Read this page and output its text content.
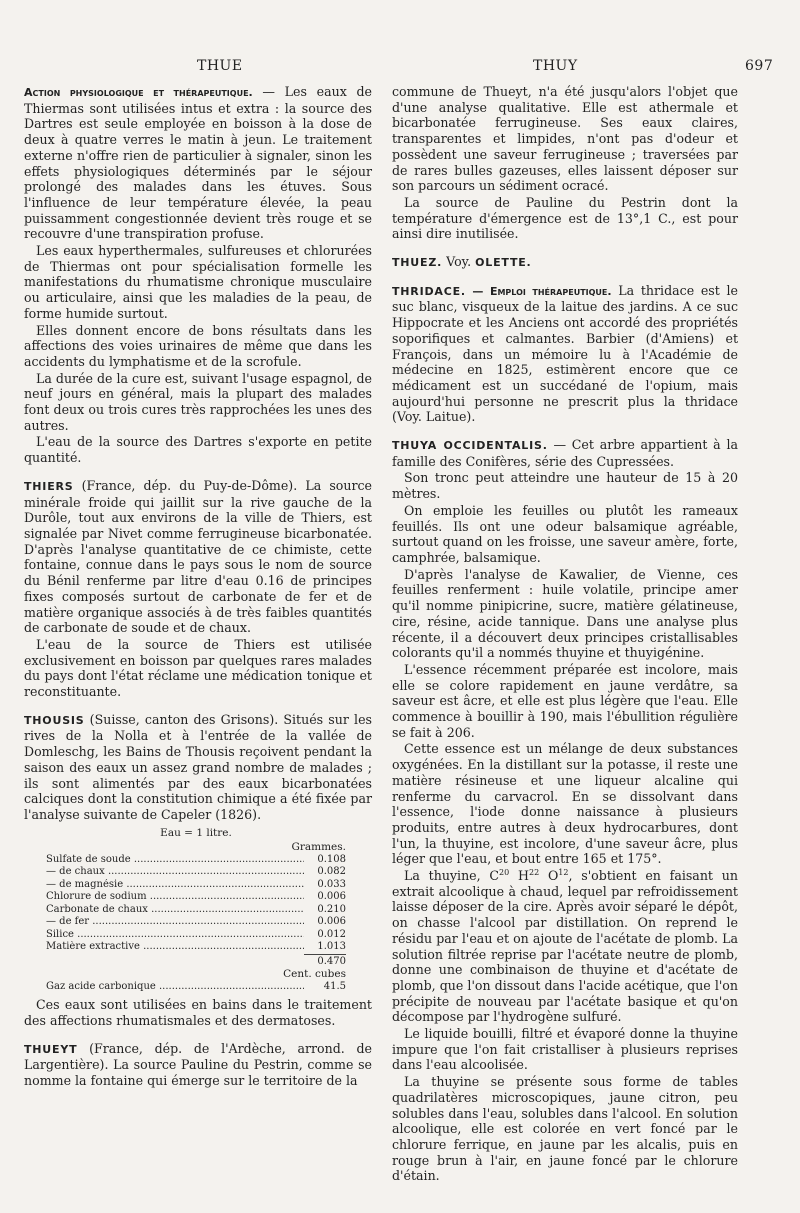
THUE	THUY	697

Action physiologique et thérapeutique. — Les eaux de Thiermas sont utilisées intus et extra : la source des Dartres est seule employée en boisson à la dose de deux à quatre verres le matin à jeun. Le traitement externe n'offre rien de particulier à signaler, sinon les effets physiologiques déterminés par le séjour prolongé des malades dans les étuves. Sous l'influence de leur température élevée, la peau puissamment congestionnée devient très rouge et se recouvre d'une transpiration profuse.

Les eaux hyperthermales, sulfureuses et chlorurées de Thiermas ont pour spécialisation formelle les manifestations du rhumatisme chronique musculaire ou articulaire, ainsi que les maladies de la peau, de forme humide surtout.

Elles donnent encore de bons résultats dans les affections des voies urinaires de même que dans les accidents du lymphatisme et de la scrofule.

La durée de la cure est, suivant l'usage espagnol, de neuf jours en général, mais la plupart des malades font deux ou trois cures très rapprochées les unes des autres.

L'eau de la source des Dartres s'exporte en petite quantité.

THIERS (France, dép. du Puy-de-Dôme). La source minérale froide qui jaillit sur la rive gauche de la Durôle, tout aux environs de la ville de Thiers, est signalée par Nivet comme ferrugineuse bicarbonatée. D'après l'analyse quantitative de ce chimiste, cette fontaine, connue dans le pays sous le nom de source du Bénil renferme par litre d'eau 0.16 de principes fixes composés surtout de carbonate de fer et de matière organique associés à de très faibles quantités de carbonate de soude et de chaux.

L'eau de la source de Thiers est utilisée exclusivement en boisson par quelques rares malades du pays dont l'état réclame une médication tonique et reconstituante.

THOUSIS (Suisse, canton des Grisons). Situés sur les rives de la Nolla et à l'entrée de la vallée de Domleschg, les Bains de Thousis reçoivent pendant la saison des eaux un assez grand nombre de malades ; ils sont alimentés par des eaux bicarbonatées calciques dont la constitution chimique a été fixée par l'analyse suivante de Capeler (1826).

Eau = 1 litre.
Grammes.
Sulfate de soude .....	0.108
— de chaux .....	0.082
— de magnésie .....	0.033
Chlorure de sodium .....	0.006
Carbonate de chaux .....	0.210
— de fer .....	0.006
Silice .....	0.012
Matière extractive .....	1.013
0.470
Cent. cubes
Gaz acide carbonique .....	41.5

Ces eaux sont utilisées en bains dans le traitement des affections rhumatismales et des dermatoses.

THUEYT (France, dép. de l'Ardèche, arrond. de Largentière). La source Pauline du Pestrin, comme se nomme la fontaine qui émerge sur le territoire de la

commune de Thueyt, n'a été jusqu'alors l'objet que d'une analyse qualitative. Elle est athermale et bicarbonatée ferrugineuse. Ses eaux claires, transparentes et limpides, n'ont pas d'odeur et possèdent une saveur ferrugineuse ; traversées par de rares bulles gazeuses, elles laissent déposer sur son parcours un sédiment ocracé.

La source de Pauline du Pestrin dont la température d'émergence est de 13°,1 C., est pour ainsi dire inutilisée.

THUEZ. Voy. OLETTE.

THRIDACE. — Emploi thérapeutique. La thridace est le suc blanc, visqueux de la laitue des jardins. A ce suc Hippocrate et les Anciens ont accordé des propriétés soporifiques et calmantes. Barbier (d'Amiens) et François, dans un mémoire lu à l'Académie de médecine en 1825, estimèrent encore que ce médicament est un succédané de l'opium, mais aujourd'hui personne ne prescrit plus la thridace (Voy. Laitue).

THUYA OCCIDENTALIS. — Cet arbre appartient à la famille des Conifères, série des Cupressées.

Son tronc peut atteindre une hauteur de 15 à 20 mètres.

On emploie les feuilles ou plutôt les rameaux feuillés. Ils ont une odeur balsamique agréable, surtout quand on les froisse, une saveur amère, forte, camphrée, balsamique.

D'après l'analyse de Kawalier, de Vienne, ces feuilles renferment : huile volatile, principe amer qu'il nomme pinipicrine, sucre, matière gélatineuse, cire, résine, acide tannique. Dans une analyse plus récente, il a découvert deux principes cristallisables colorants qu'il a nommés thuyine et thuyigénine.

L'essence récemment préparée est incolore, mais elle se colore rapidement en jaune verdâtre, sa saveur est âcre, et elle est plus légère que l'eau. Elle commence à bouillir à 190, mais l'ébullition régulière se fait à 206.

Cette essence est un mélange de deux substances oxygénées. En la distillant sur la potasse, il reste une matière résineuse et une liqueur alcaline qui renferme du carvacrol. En se dissolvant dans l'essence, l'iode donne naissance à plusieurs produits, entre autres à deux hydrocarbures, dont l'un, la thuyine, est incolore, d'une saveur âcre, plus léger que l'eau, et bout entre 165 et 175°.

La thuyine, $C^{20}$ $H^{22}$ $O^{12}$, s'obtient en faisant un extrait alcoolique à chaud, lequel par refroidissement laisse déposer de la cire. Après avoir séparé le dépôt, on chasse l'alcool par distillation. On reprend le résidu par l'eau et on ajoute de l'acétate de plomb. La solution filtrée reprise par l'acétate neutre de plomb, donne une combinaison de thuyine et d'acétate de plomb, que l'on dissout dans l'acide acétique, que l'on précipite de nouveau par l'acétate basique et qu'on décompose par l'hydrogène sulfuré.

Le liquide bouilli, filtré et évaporé donne la thuyine impure que l'on fait cristalliser à plusieurs reprises dans l'eau alcoolisée.

La thuyine se présente sous forme de tables quadrilatères microscopiques, jaune citron, peu solubles dans l'eau, solubles dans l'alcool. En solution alcoolique, elle est colorée en vert foncé par le chlorure ferrique, en jaune par les alcalis, puis en rouge brun à l'air, en jaune foncé par le chlorure d'étain.
